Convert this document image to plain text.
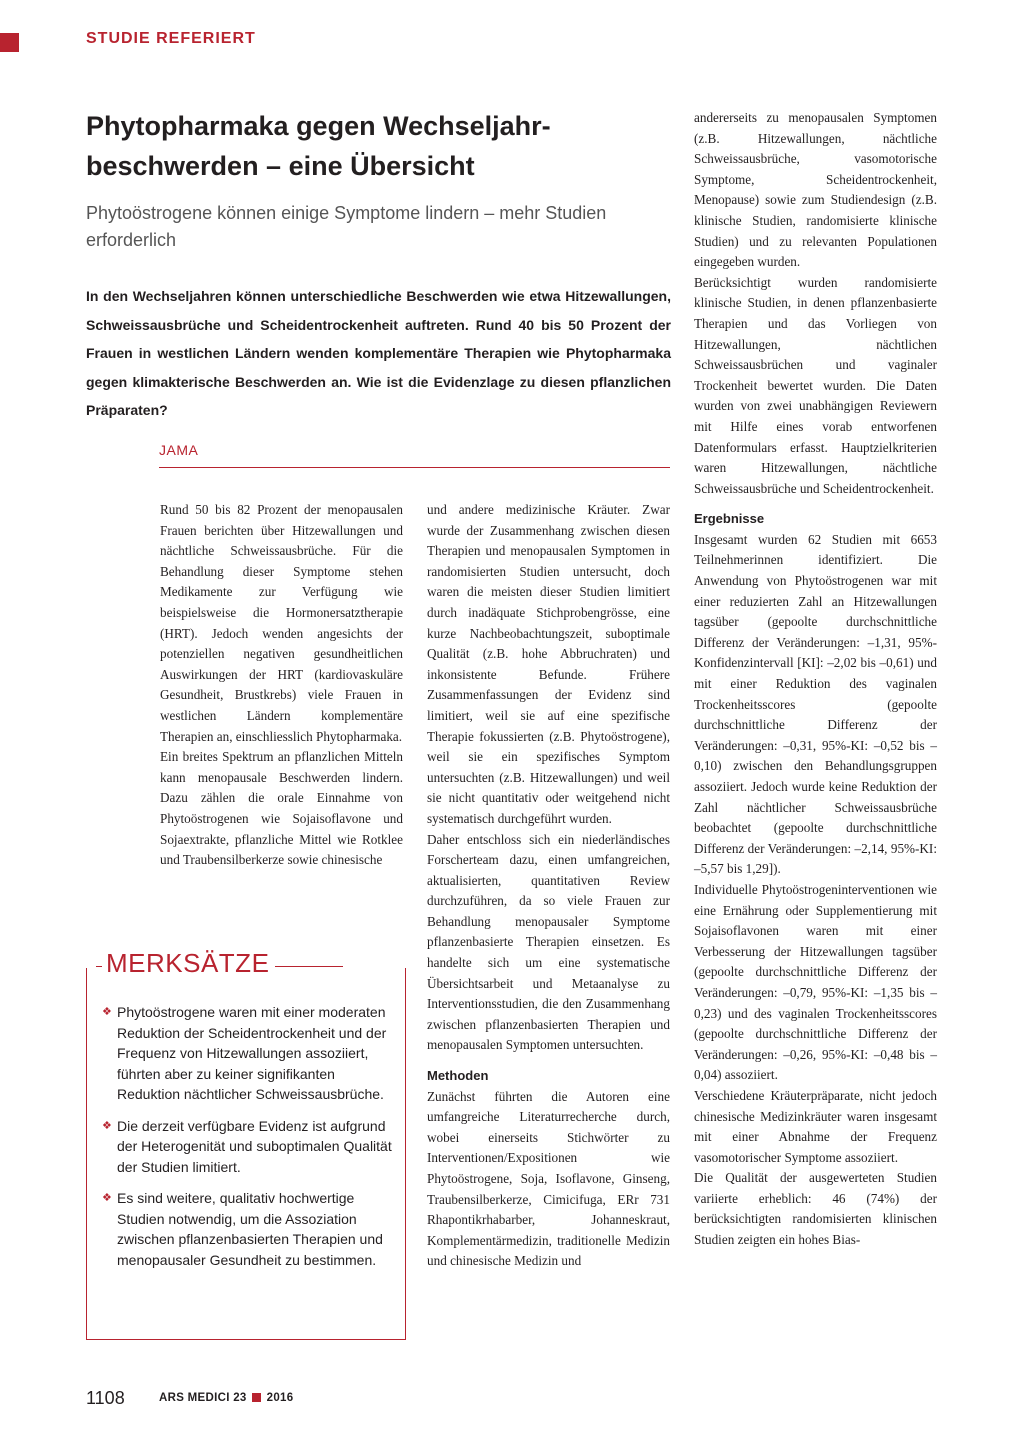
STUDIE REFERIERT
Phytopharmaka gegen Wechseljahr-beschwerden – eine Übersicht
Phytoöstrogene können einige Symptome lindern – mehr Studien erforderlich
In den Wechseljahren können unterschiedliche Beschwerden wie etwa Hitzewallungen, Schweissausbrüche und Scheidentrockenheit auftreten. Rund 40 bis 50 Prozent der Frauen in westlichen Ländern wenden komplementäre Therapien wie Phytopharmaka gegen klimakterische Beschwerden an. Wie ist die Evidenzlage zu diesen pflanzlichen Präparaten?
JAMA

Rund 50 bis 82 Prozent der menopausalen Frauen berichten über Hitzewallungen und nächtliche Schweissausbrüche. Für die Behandlung dieser Symptome stehen Medikamente zur Verfügung wie beispielsweise die Hormonersatztherapie (HRT). Jedoch wenden angesichts der potenziellen negativen gesundheitlichen Auswirkungen der HRT (kardiovaskuläre Gesundheit, Brustkrebs) viele Frauen in westlichen Ländern komplementäre Therapien an, einschliesslich Phytopharmaka.

Ein breites Spektrum an pflanzlichen Mitteln kann menopausale Beschwerden lindern. Dazu zählen die orale Einnahme von Phytoöstrogenen wie Sojaisoflavone und Sojaextrakte, pflanzliche Mittel wie Rotklee und Traubensilberkerze sowie chinesische

und andere medizinische Kräuter. Zwar wurde der Zusammenhang zwischen diesen Therapien und menopausalen Symptomen in randomisierten Studien untersucht, doch waren die meisten dieser Studien limitiert durch inadäquate Stichprobengrösse, eine kurze Nachbeobachtungszeit, suboptimale Qualität (z.B. hohe Abbruchraten) und inkonsistente Befunde. Frühere Zusammenfassungen der Evidenz sind limitiert, weil sie auf eine spezifische Therapie fokussierten (z.B. Phytoöstrogene), weil sie ein spezifisches Symptom untersuchten (z.B. Hitzewallungen) und weil sie nicht quantitativ oder weitgehend nicht systematisch durchgeführt wurden.

Daher entschloss sich ein niederländisches Forscherteam dazu, einen umfangreichen, aktualisierten, quantitativen Review durchzuführen, da so viele Frauen zur Behandlung menopausaler Symptome pflanzenbasierte Therapien einsetzen. Es handelte sich um eine systematische Übersichtsarbeit und Metaanalyse zu Interventionsstudien, die den Zusammenhang zwischen pflanzenbasierten Therapien und menopausalen Symptomen untersuchten.

Methoden

Zunächst führten die Autoren eine umfangreiche Literaturrecherche durch, wobei einerseits Stichwörter zu Interventionen/Expositionen wie Phytoöstrogene, Soja, Isoflavone, Ginseng, Traubensilberkerze, Cimicifuga, ERr 731 Rhapontikrhabarber, Johanneskraut, Komplementärmedizin, traditionelle Medizin und chinesische Medizin und

andererseits zu menopausalen Symptomen (z.B. Hitzewallungen, nächtliche Schweissausbrüche, vasomotorische Symptome, Scheidentrockenheit, Menopause) sowie zum Studiendesign (z.B. klinische Studien, randomisierte klinische Studien) und zu relevanten Populationen eingegeben wurden.

Berücksichtigt wurden randomisierte klinische Studien, in denen pflanzenbasierte Therapien und das Vorliegen von Hitzewallungen, nächtlichen Schweissausbrüchen und vaginaler Trockenheit bewertet wurden. Die Daten wurden von zwei unabhängigen Reviewern mit Hilfe eines vorab entworfenen Datenformulars erfasst. Hauptzielkriterien waren Hitzewallungen, nächtliche Schweissausbrüche und Scheidentrockenheit.

Ergebnisse

Insgesamt wurden 62 Studien mit 6653 Teilnehmerinnen identifiziert. Die Anwendung von Phytoöstrogenen war mit einer reduzierten Zahl an Hitzewallungen tagsüber (gepoolte durchschnittliche Differenz der Veränderungen: –1,31, 95%-Konfidenzintervall [KI]: –2,02 bis –0,61) und mit einer Reduktion des vaginalen Trockenheitsscores (gepoolte durchschnittliche Differenz der Veränderungen: –0,31, 95%-KI: –0,52 bis –0,10) zwischen den Behandlungsgruppen assoziiert. Jedoch wurde keine Reduktion der Zahl nächtlicher Schweissausbrüche beobachtet (gepoolte durchschnittliche Differenz der Veränderungen: –2,14, 95%-KI: –5,57 bis 1,29]).

Individuelle Phytoöstrogeninterventionen wie eine Ernährung oder Supplementierung mit Sojaisoflavonen waren mit einer Verbesserung der Hitzewallungen tagsüber (gepoolte durchschnittliche Differenz der Veränderungen: –0,79, 95%-KI: –1,35 bis –0,23) und des vaginalen Trockenheitsscores (gepoolte durchschnittliche Differenz der Veränderungen: –0,26, 95%-KI: –0,48 bis –0,04) assoziiert.

Verschiedene Kräuterpräparate, nicht jedoch chinesische Medizinkräuter waren insgesamt mit einer Abnahme der Frequenz vasomotorischer Symptome assoziiert.

Die Qualität der ausgewerteten Studien variierte erheblich: 46 (74%) der berücksichtigten randomisierten klinischen Studien zeigten ein hohes Bias-

❖ Phytoöstrogene waren mit einer moderaten Reduktion der Scheidentrockenheit und der Frequenz von Hitzewallungen assoziiert, führten aber zu keiner signifikanten Reduktion nächtlicher Schweissausbrüche.
❖ Die derzeit verfügbare Evidenz ist aufgrund der Heterogenität und suboptimalen Qualität der Studien limitiert.
❖ Es sind weitere, qualitativ hochwertige Studien notwendig, um die Assoziation zwischen pflanzenbasierten Therapien und menopausaler Gesundheit zu bestimmen.
MERKSÄTZE
1108	ARS MEDICI 23 2016
